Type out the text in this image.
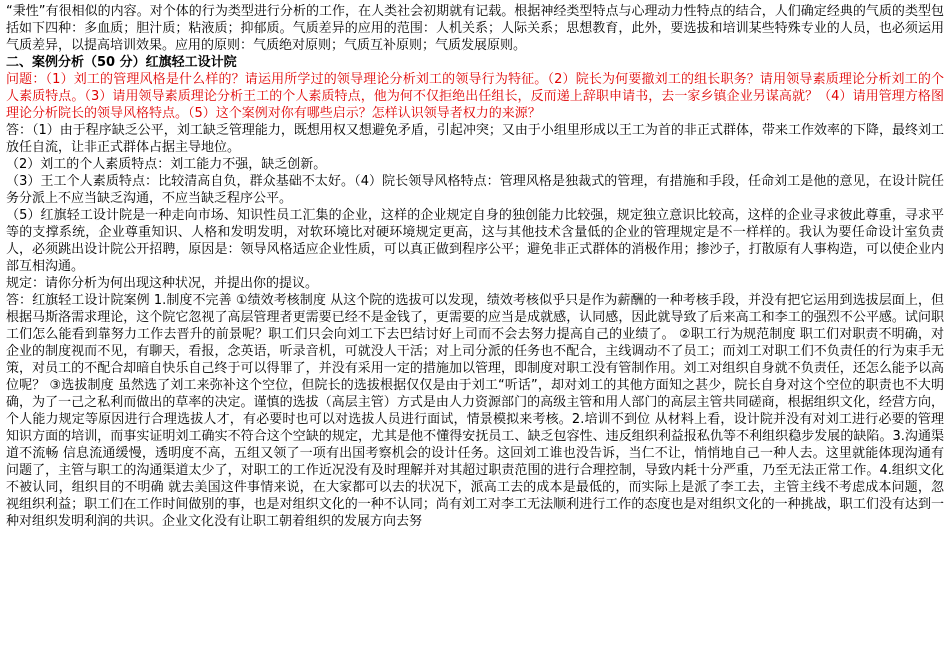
“秉性”有很相似的内容。对个体的行为类型进行分析的工作，在人类社会初期就有记载。根据神经类型特点与心理动力性特点的结合，人们确定经典的气质的类型包括如下四种：多血质；胆汁质；粘液质；抑郁质。气质差异的应用的范围：人机关系；人际关系；思想教育，此外，要选拔和培训某些特殊专业的人员，也必须运用气质差异，以提高培训效果。应用的原则：气质绝对原则；气质互补原则；气质发展原则。

二、案例分析（50 分）红旗轻工设计院

问题：（1）刘工的管理风格是什么样的？请运用所学过的领导理论分析刘工的领导行为特征。（2）院长为何要撤刘工的组长职务？请用领导素质理论分析刘工的个人素质特点。（3）请用领导素质理论分析王工的个人素质特点，他为何不仅拒绝出任组长，反而递上辞职申请书，去一家乡镇企业另谋高就？（4）请用管理方格图理论分析院长的领导风格特点。（5）这个案例对你有哪些启示？怎样认识领导者权力的来源？

答：（1）由于程序缺乏公平，刘工缺乏管理能力，既想用权又想避免矛盾，引起冲突；又由于小组里形成以王工为首的非正式群体，带来工作效率的下降，最终刘工放任自流，让非正式群体占据主导地位。

（2）刘工的个人素质特点：刘工能力不强，缺乏创新。

（3）王工个人素质特点：比较清高自负，群众基础不太好。（4）院长领导风格特点：管理风格是独裁式的管理，有措施和手段，任命刘工是他的意见，在设计院任务分派上不应当缺乏沟通，不应当缺乏程序公平。

（5）红旗轻工设计院是一种走向市场、知识性员工汇集的企业，这样的企业规定自身的独创能力比较强，规定独立意识比较高，这样的企业寻求彼此尊重，寻求平等的支撑系统，企业尊重知识、人格和发明发明，对软环境比对硬环境规定更高，这与其他技术含量低的企业的管理规定是不一样样的。我认为要任命设计室负责人，必须跳出设计院公开招聘，原因是：领导风格适应企业性质，可以真正做到程序公平；避免非正式群体的消极作用；掺沙子，打散原有人事构造，可以使企业内部互相沟通。

规定：请你分析为何出现这种状况，并提出你的提议。

答：红旗轻工设计院案例 1.制度不完善 ①绩效考核制度 从这个院的选拔可以发现，绩效考核似乎只是作为薪酬的一种考核手段，并没有把它运用到选拔层面上，但根据马斯洛需求理论，这个院它忽视了高层管理者更需要已经不是金钱了，更需要的应当是成就感，认同感，因此就导致了后来高工和李工的强烈不公平感。试问职工们怎么能看到靠努力工作去晋升的前景呢？职工们只会向刘工下去巴结讨好上司而不会去努力提高自己的业绩了。 ②职工行为规范制度 职工们对职责不明确，对企业的制度视而不见，有聊天，看报，念英语，听录音机，可就没人干活；对上司分派的任务也不配合，主线调动不了员工；而刘工对职工们不负责任的行为束手无策，对员工的不配合却暗自快乐自己终于可以得罪了，并没有采用一定的措施加以管理，即制度对职工没有管制作用。刘工对组织自身就不负责任，还怎么能予以高位呢？ ③选拔制度 虽然选了刘工来弥补这个空位，但院长的选拔根据仅仅是由于刘工“听话”，却对刘工的其他方面知之甚少，院长自身对这个空位的职责也不大明确，为了一己之私利而做出的草率的决定。谨慎的选拔（高层主管）方式是由人力资源部门的高级主管和用人部门的高层主管共同磋商，根据组织文化，经营方向，个人能力规定等原因进行合理选拔人才，有必要时也可以对选拔人员进行面试，情景模拟来考核。2.培训不到位 从材料上看，设计院并没有对刘工进行必要的管理知识方面的培训，而事实证明刘工确实不符合这个空缺的规定，尤其是他不懂得安抚员工、缺乏包容性、违反组织利益报私仇等不利组织稳步发展的缺陷。3.沟通渠道不流畅 信息流通缓慢，透明度不高，五组又领了一项有出国考察机会的设计任务。这回刘工谁也没告诉，当仁不让，悄悄地自己一种人去。这里就能体现沟通有问题了，主管与职工的沟通渠道太少了，对职工的工作近况没有及时理解并对其超过职责范围的进行合理控制，导致内耗十分严重，乃至无法正常工作。4.组织文化不被认同，组织目的不明确 就去美国这件事情来说，在大家都可以去的状况下，派高工去的成本是最低的，而实际上是派了李工去，主管主线不考虑成本问题，忽视组织利益；职工们在工作时间做别的事，也是对组织文化的一种不认同；尚有刘工对李工无法顺利进行工作的态度也是对组织文化的一种挑战，职工们没有达到一种对组织发明利润的共识。企业文化没有让职工朝着组织的发展方向去努
